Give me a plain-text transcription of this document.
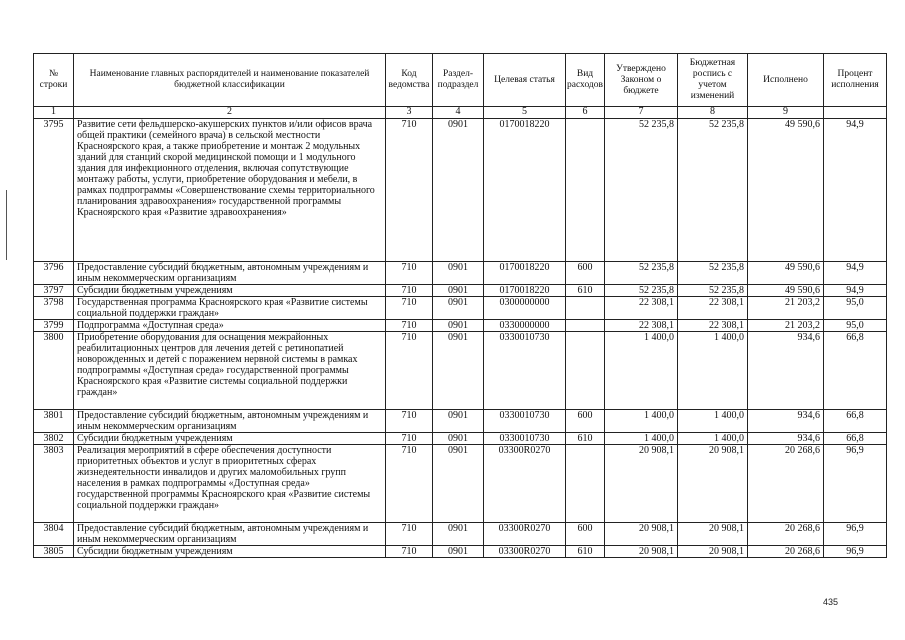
№ строки	Наименование главных распорядителей и наименование показателей бюджетной классификации	Код ведомства	Раздел-подраздел	Целевая статья	Вид расходов	Утверждено Законом о бюджете	Бюджетная роспись с учетом изменений	Исполнено	Процент исполнения
1	2	3	4	5	6	7	8	9	
3795	Развитие сети фельдшерско-акушерских пунктов и/или офисов врача общей практики (семейного врача) в сельской местности Красноярского края, а также приобретение и монтаж 2 модульных зданий для станций скорой медицинской помощи и 1 модульного здания для инфекционного отделения, включая сопутствующие монтажу работы, услуги, приобретение оборудования и мебели, в рамках подпрограммы «Совершенствование схемы территориального планирования здравоохранения» государственной программы Красноярского края «Развитие здравоохранения»	710	0901	0170018220		52 235,8	52 235,8	49 590,6	94,9
3796	Предоставление субсидий бюджетным, автономным учреждениям и иным некоммерческим организациям	710	0901	0170018220	600	52 235,8	52 235,8	49 590,6	94,9
3797	Субсидии бюджетным учреждениям	710	0901	0170018220	610	52 235,8	52 235,8	49 590,6	94,9
3798	Государственная программа Красноярского края «Развитие системы социальной поддержки граждан»	710	0901	0300000000		22 308,1	22 308,1	21 203,2	95,0
3799	Подпрограмма «Доступная среда»	710	0901	0330000000		22 308,1	22 308,1	21 203,2	95,0
3800	Приобретение оборудования для оснащения межрайонных реабилитационных центров для лечения детей с ретинопатией новорожденных и детей с поражением нервной системы в рамках подпрограммы «Доступная среда» государственной программы Красноярского края «Развитие системы социальной поддержки граждан»	710	0901	0330010730		1 400,0	1 400,0	934,6	66,8
3801	Предоставление субсидий бюджетным, автономным учреждениям и иным некоммерческим организациям	710	0901	0330010730	600	1 400,0	1 400,0	934,6	66,8
3802	Субсидии бюджетным учреждениям	710	0901	0330010730	610	1 400,0	1 400,0	934,6	66,8
3803	Реализация мероприятий в сфере обеспечения доступности приоритетных объектов и услуг в приоритетных сферах жизнедеятельности инвалидов и других маломобильных групп населения в рамках подпрограммы «Доступная среда» государственной программы Красноярского края «Развитие системы социальной поддержки граждан»	710	0901	03300R0270		20 908,1	20 908,1	20 268,6	96,9
3804	Предоставление субсидий бюджетным, автономным учреждениям и иным некоммерческим организациям	710	0901	03300R0270	600	20 908,1	20 908,1	20 268,6	96,9
3805	Субсидии бюджетным учреждениям	710	0901	03300R0270	610	20 908,1	20 908,1	20 268,6	96,9
435
